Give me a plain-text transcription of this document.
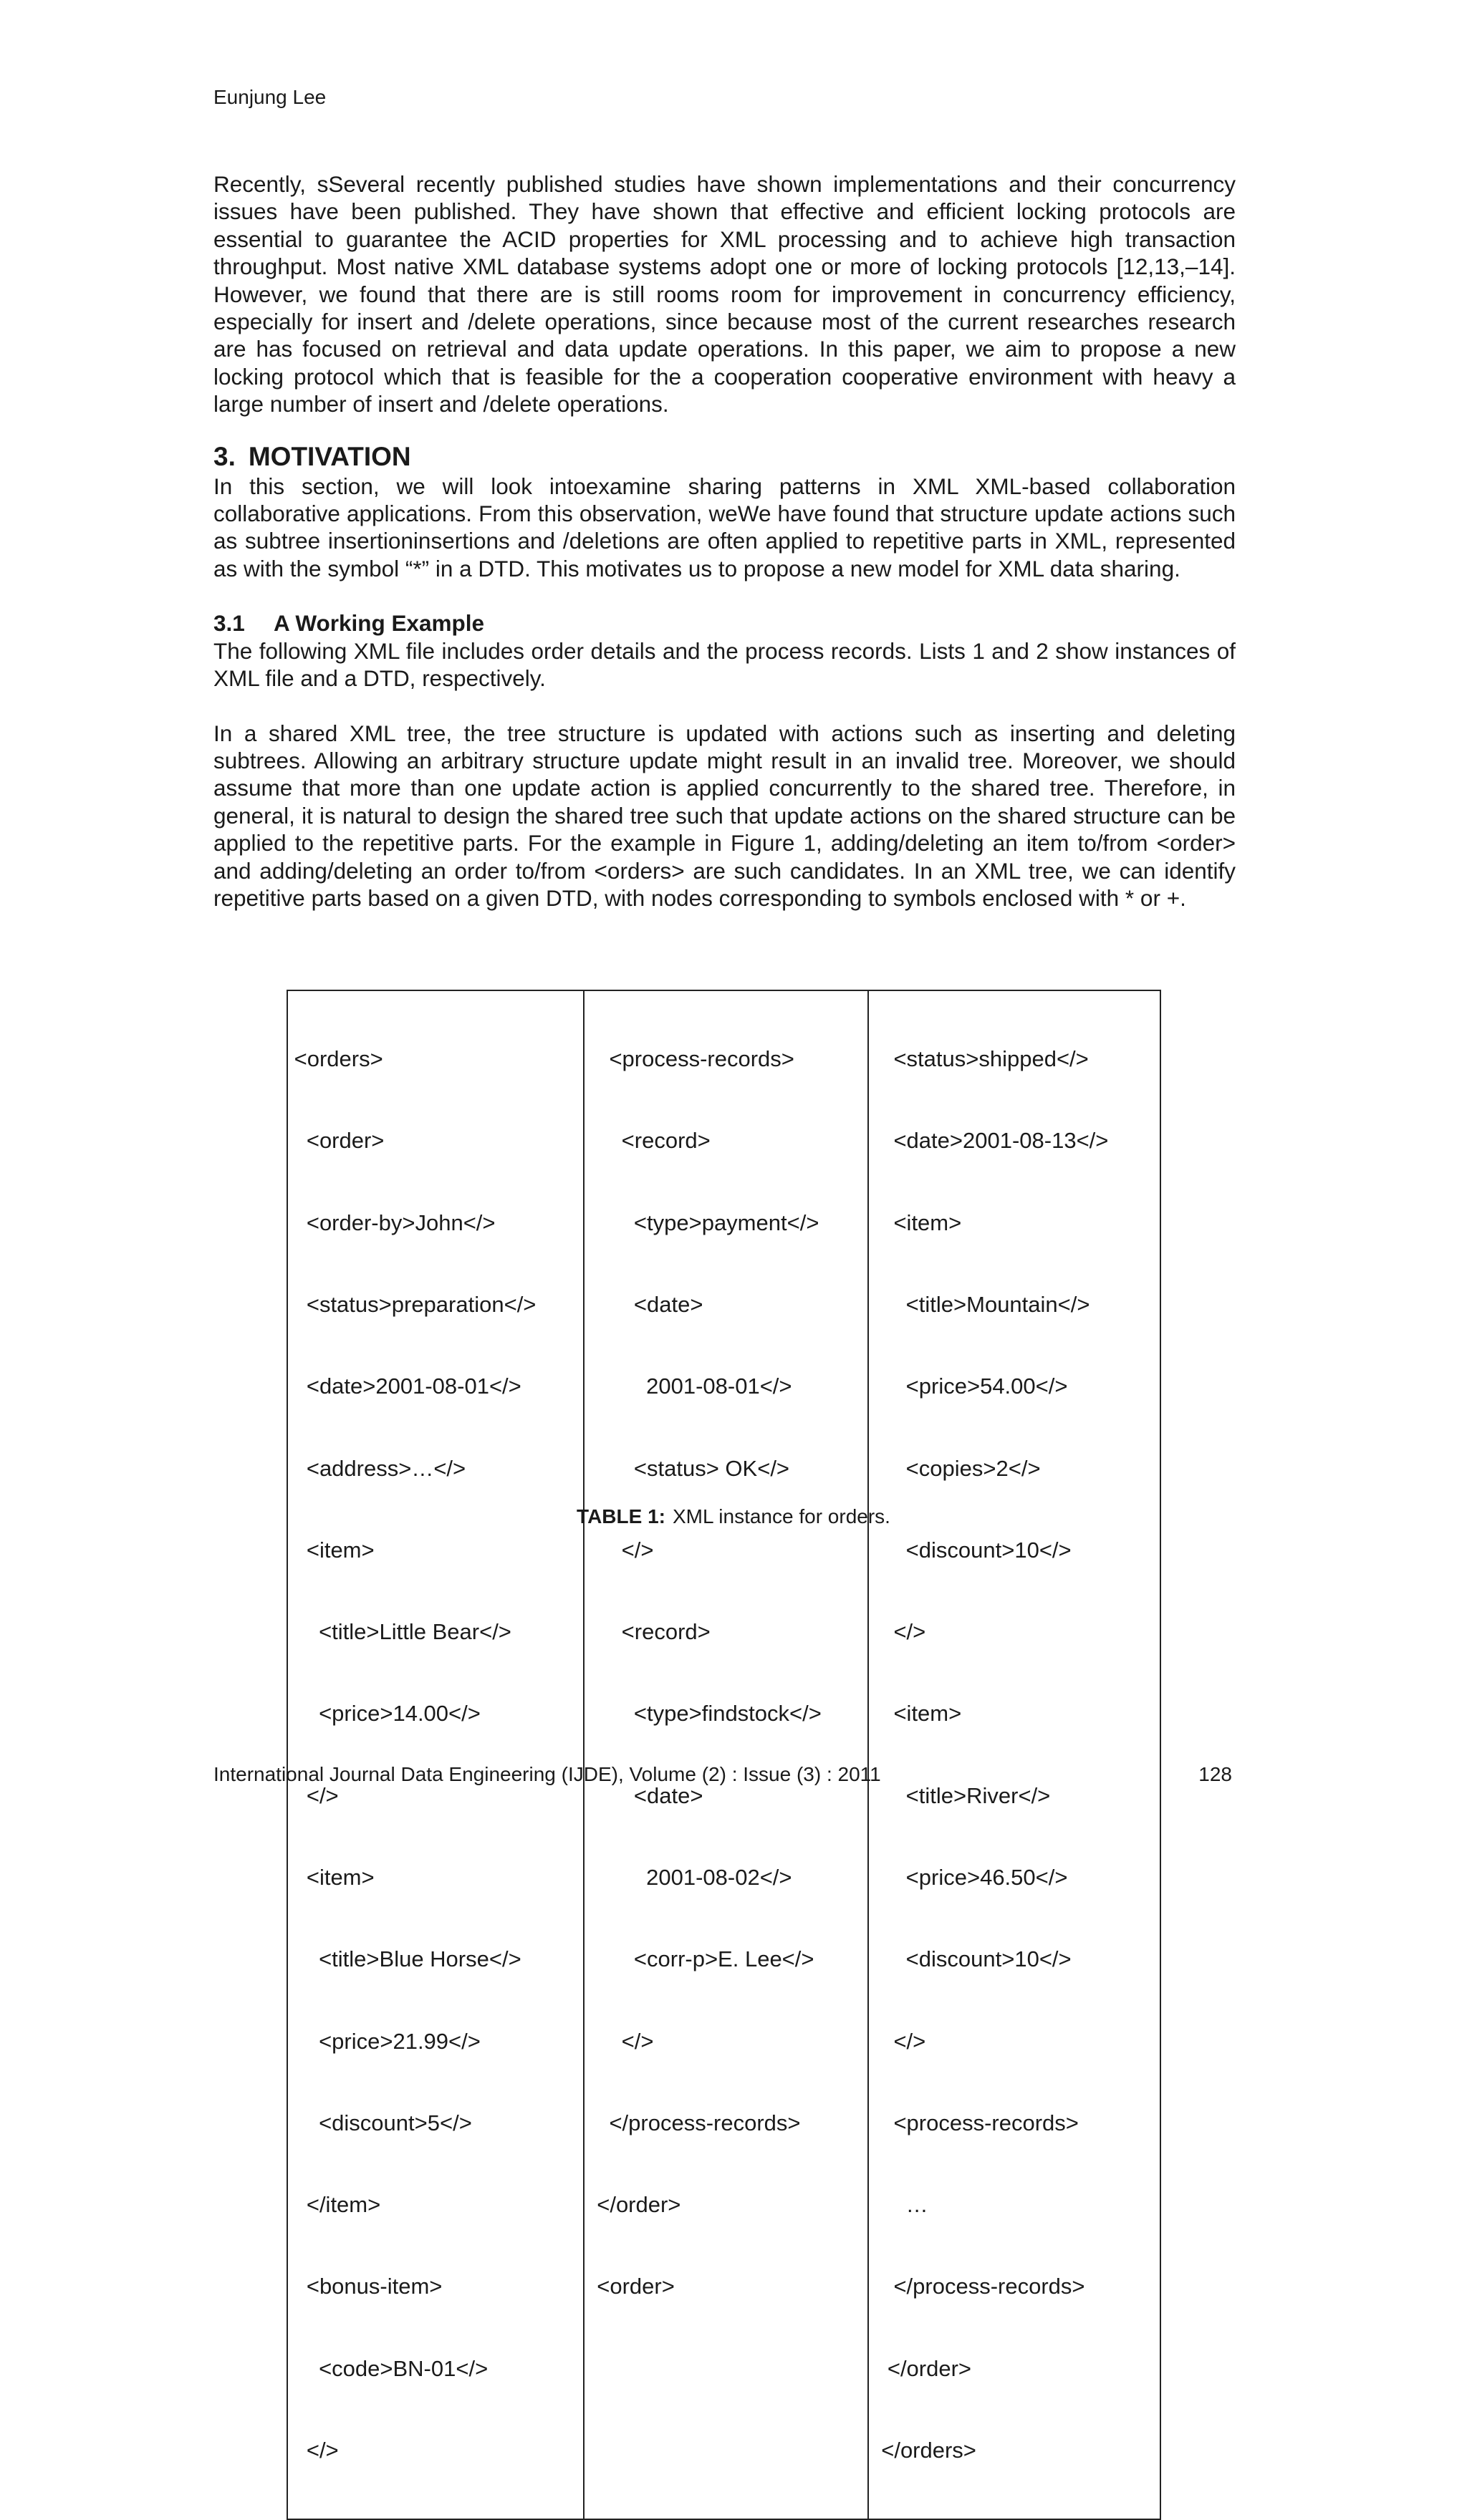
Eunjung Lee

Recently, sSeveral recently published studies have shown implementations and their concurrency issues have been published. They have shown that effective and efficient locking protocols are essential to guarantee the ACID properties for XML processing and to achieve high transaction throughput. Most native XML database systems adopt one or more of locking protocols [12,13,–14]. However, we found that there are is still rooms room for improvement in concurrency efficiency, especially for insert and /delete operations, since because most of the current researches research are has focused on retrieval and data update operations. In this paper, we aim to propose a new locking protocol which that is feasible for the a cooperation cooperative environment with heavy a large number of insert and /delete operations.

3. MOTIVATION

In this section, we will look intoexamine sharing patterns in XML XML-based collaboration collaborative applications. From this observation, weWe have found that structure update actions such as subtree insertioninsertions and /deletions are often applied to repetitive parts in XML, represented as with the symbol “*” in a DTD. This motivates us to propose a new model for XML data sharing.

3.1 A Working Example

The following XML file includes order details and the process records. Lists 1 and 2 show instances of XML file and a DTD, respectively.

In a shared XML tree, the tree structure is updated with actions such as inserting and deleting subtrees. Allowing an arbitrary structure update might result in an invalid tree. Moreover, we should assume that more than one update action is applied concurrently to the shared tree. Therefore, in general, it is natural to design the shared tree such that update actions on the shared structure can be applied to the repetitive parts. For the example in Figure 1, adding/deleting an item to/from <order> and adding/deleting an order to/from <orders> are such candidates. In an XML tree, we can identify repetitive parts based on a given DTD, with nodes corresponding to symbols enclosed with * or +.

<orders>

<order>

<order-by>John</>

<status>preparation</>

<date>2001-08-01</>

<address>…</>

<item>

<title>Little Bear</>

<price>14.00</>

</>

<item>

<title>Blue Horse</>

<price>21.99</>

<discount>5</>

</item>

<bonus-item>

<code>BN-01</>

</>

<process-records>

<record>

<type>payment</>

<date>

2001-08-01</>

<status> OK</>

</>

<record>

<type>findstock</>

<date>

2001-08-02</>

<corr-p>E. Lee</>

</>

</process-records>

</order>

<order>

<status>shipped</>

<date>2001-08-13</>

<item>

<title>Mountain</>

<price>54.00</>

<copies>2</>

<discount>10</>

</>

<item>

<title>River</>

<price>46.50</>

<discount>10</>

</>

<process-records>

…

</process-records>

</order>

</orders>

TABLE 1: XML instance for orders.
International Journal Data Engineering (IJDE), Volume (2) : Issue (3) : 2011	128
